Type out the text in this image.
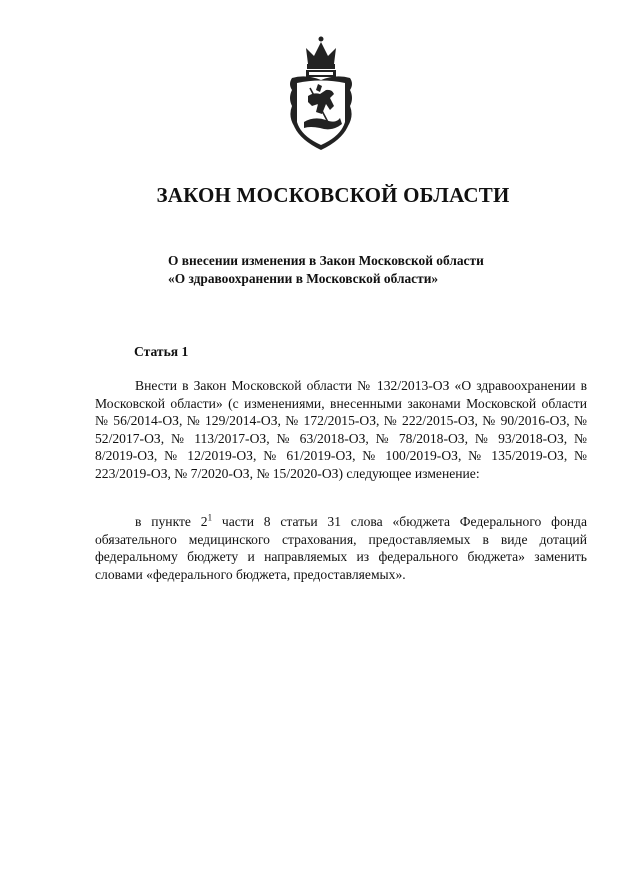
ЗАКОН МОСКОВСКОЙ ОБЛАСТИ
О внесении изменения в Закон Московской области
«О здравоохранении в Московской области»
Статья 1
Внести в Закон Московской области № 132/2013-ОЗ «О здравоохранении в Московской области» (с изменениями, внесенными законами Московской области № 56/2014-ОЗ, № 129/2014-ОЗ, № 172/2015-ОЗ, № 222/2015-ОЗ, № 90/2016-ОЗ, № 52/2017-ОЗ, № 113/2017-ОЗ, № 63/2018-ОЗ, № 78/2018-ОЗ, № 93/2018-ОЗ, № 8/2019-ОЗ, № 12/2019-ОЗ, № 61/2019-ОЗ, № 100/2019-ОЗ, № 135/2019-ОЗ, № 223/2019-ОЗ, № 7/2020-ОЗ, № 15/2020-ОЗ) следующее изменение:
в пункте $2^1$ части 8 статьи 31 слова «бюджета Федерального фонда обязательного медицинского страхования, предоставляемых в виде дотаций федеральному бюджету и направляемых из федерального бюджета» заменить словами «федерального бюджета, предоставляемых».
